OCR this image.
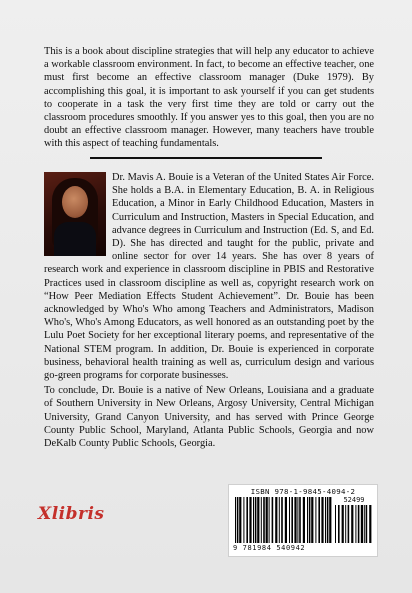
This is a book about discipline strategies that will help any educator to achieve a workable classroom environment. In fact, to become an effective teacher, one must first become an effective classroom manager (Duke 1979). By accomplishing this goal, it is important to ask yourself if you can get students to cooperate in a task the very first time they are told or carry out the classroom procedures smoothly. If you answer yes to this goal, then you are no doubt an effective classroom manager. However, many teachers have trouble with this aspect of teaching fundamentals.

Dr. Mavis A. Bouie is a Veteran of the United States Air Force. She holds a B.A. in Elementary Education, B. A. in Religious Education, a Minor in Early Childhood Education, Masters in Curriculum and Instruction, Masters in Special Education, and advance degrees in Curriculum and Instruction (Ed. S, and Ed. D). She has directed and taught for the public, private and online sector for over 14 years. She has over 8 years of research work and experience in classroom discipline in PBIS and Restorative Practices used in classroom discipline as well as, copyright research work on “How Peer Mediation Effects Student Achievement”. Dr. Bouie has been acknowledged by Who's Who among Teachers and Administrators, Madison Who's, Who's Among Educators, as well honored as an outstanding poet by the Lulu Poet Society for her exceptional literary poems, and representative of the National STEM program. In addition, Dr. Bouie is experienced in corporate business, behavioral health training as well as, curriculum design and various go-green programs for corporate businesses.

To conclude, Dr. Bouie is a native of New Orleans, Louisiana and a graduate of Southern University in New Orleans, Argosy University, Central Michigan University, Grand Canyon University, and has served with Prince George County Public School, Maryland, Atlanta Public Schools, Georgia and now DeKalb County Public Schools, Georgia.

Xlibris
ISBN 978-1-9845-4094-2
52499
9 781984 540942
